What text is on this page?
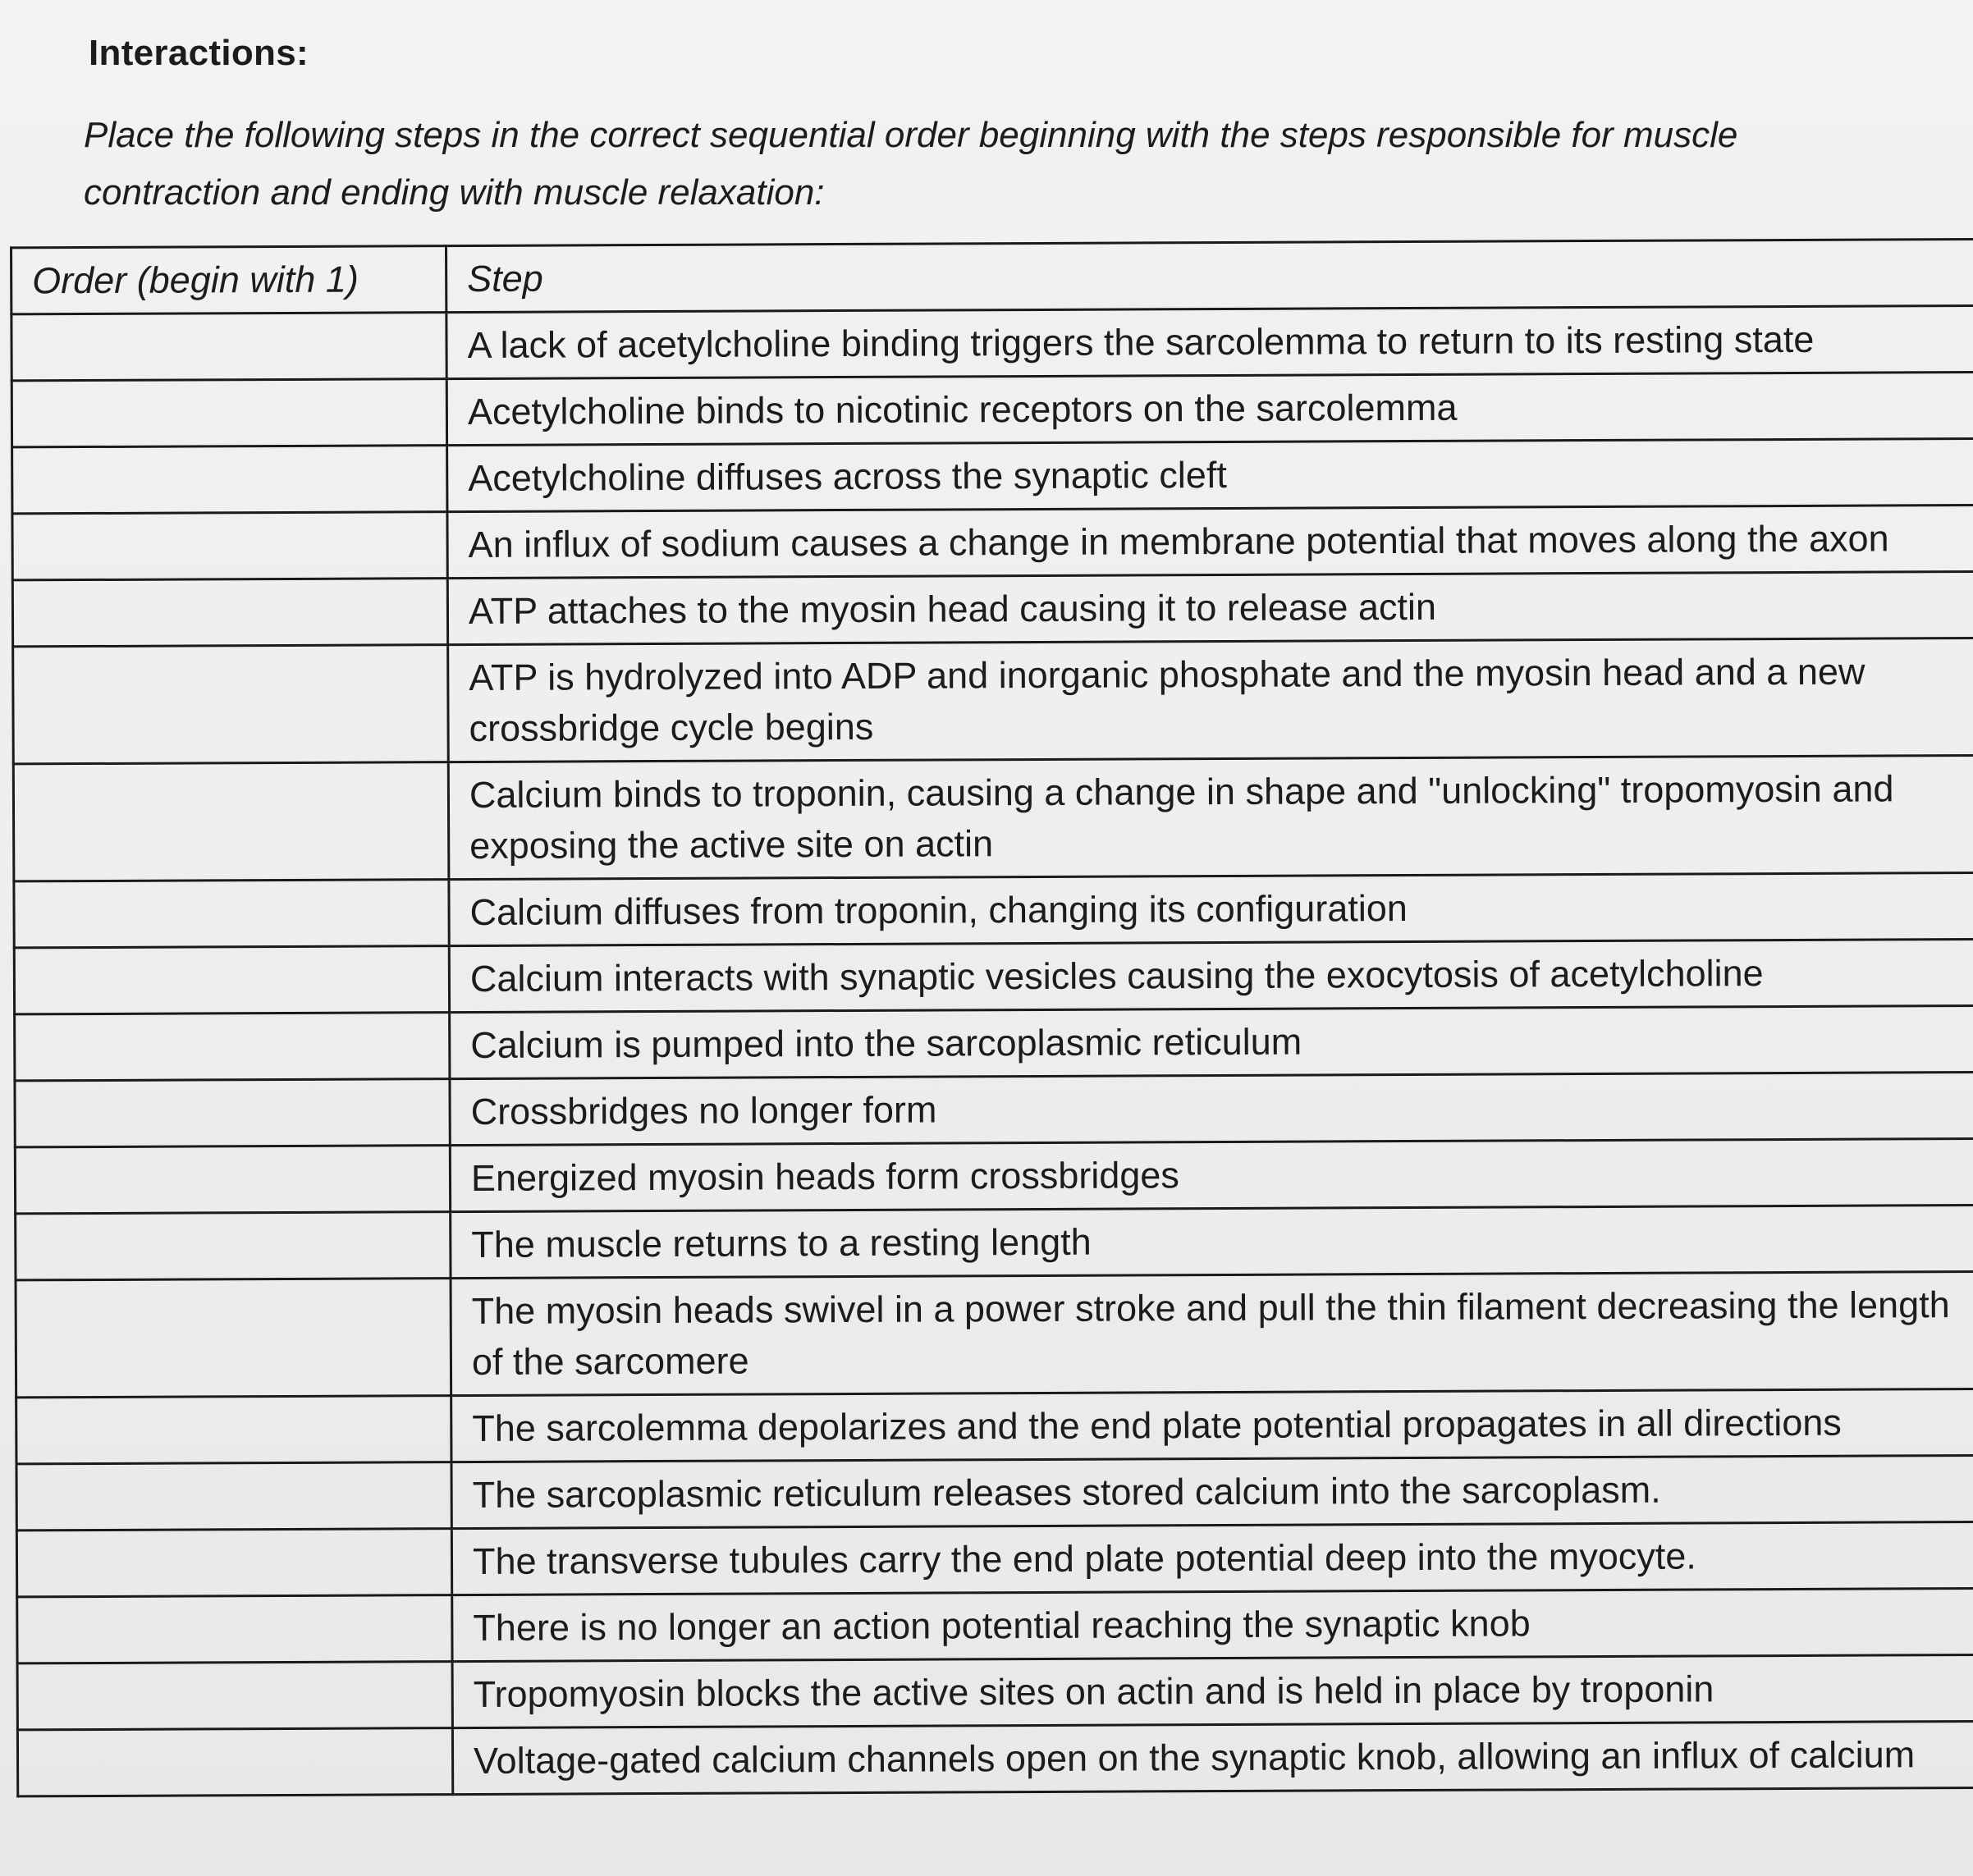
Interactions:

Place the following steps in the correct sequential order beginning with the steps responsible for muscle contraction and ending with muscle relaxation:

Order (begin with 1)	Step

	A lack of acetylcholine binding triggers the sarcolemma to return to its resting state

	Acetylcholine binds to nicotinic receptors on the sarcolemma

	Acetylcholine diffuses across the synaptic cleft

	An influx of sodium causes a change in membrane potential that moves along the axon

	ATP attaches to the myosin head causing it to release actin

	ATP is hydrolyzed into ADP and inorganic phosphate and the myosin head and a new crossbridge cycle begins

	Calcium binds to troponin, causing a change in shape and "unlocking" tropomyosin and exposing the active site on actin

	Calcium diffuses from troponin, changing its configuration

	Calcium interacts with synaptic vesicles causing the exocytosis of acetylcholine

	Calcium is pumped into the sarcoplasmic reticulum

	Crossbridges no longer form

	Energized myosin heads form crossbridges

	The muscle returns to a resting length

	The myosin heads swivel in a power stroke and pull the thin filament decreasing the length of the sarcomere

	The sarcolemma depolarizes and the end plate potential propagates in all directions

	The sarcoplasmic reticulum releases stored calcium into the sarcoplasm.

	The transverse tubules carry the end plate potential deep into the myocyte.

	There is no longer an action potential reaching the synaptic knob

	Tropomyosin blocks the active sites on actin and is held in place by troponin

	Voltage-gated calcium channels open on the synaptic knob, allowing an influx of calcium
